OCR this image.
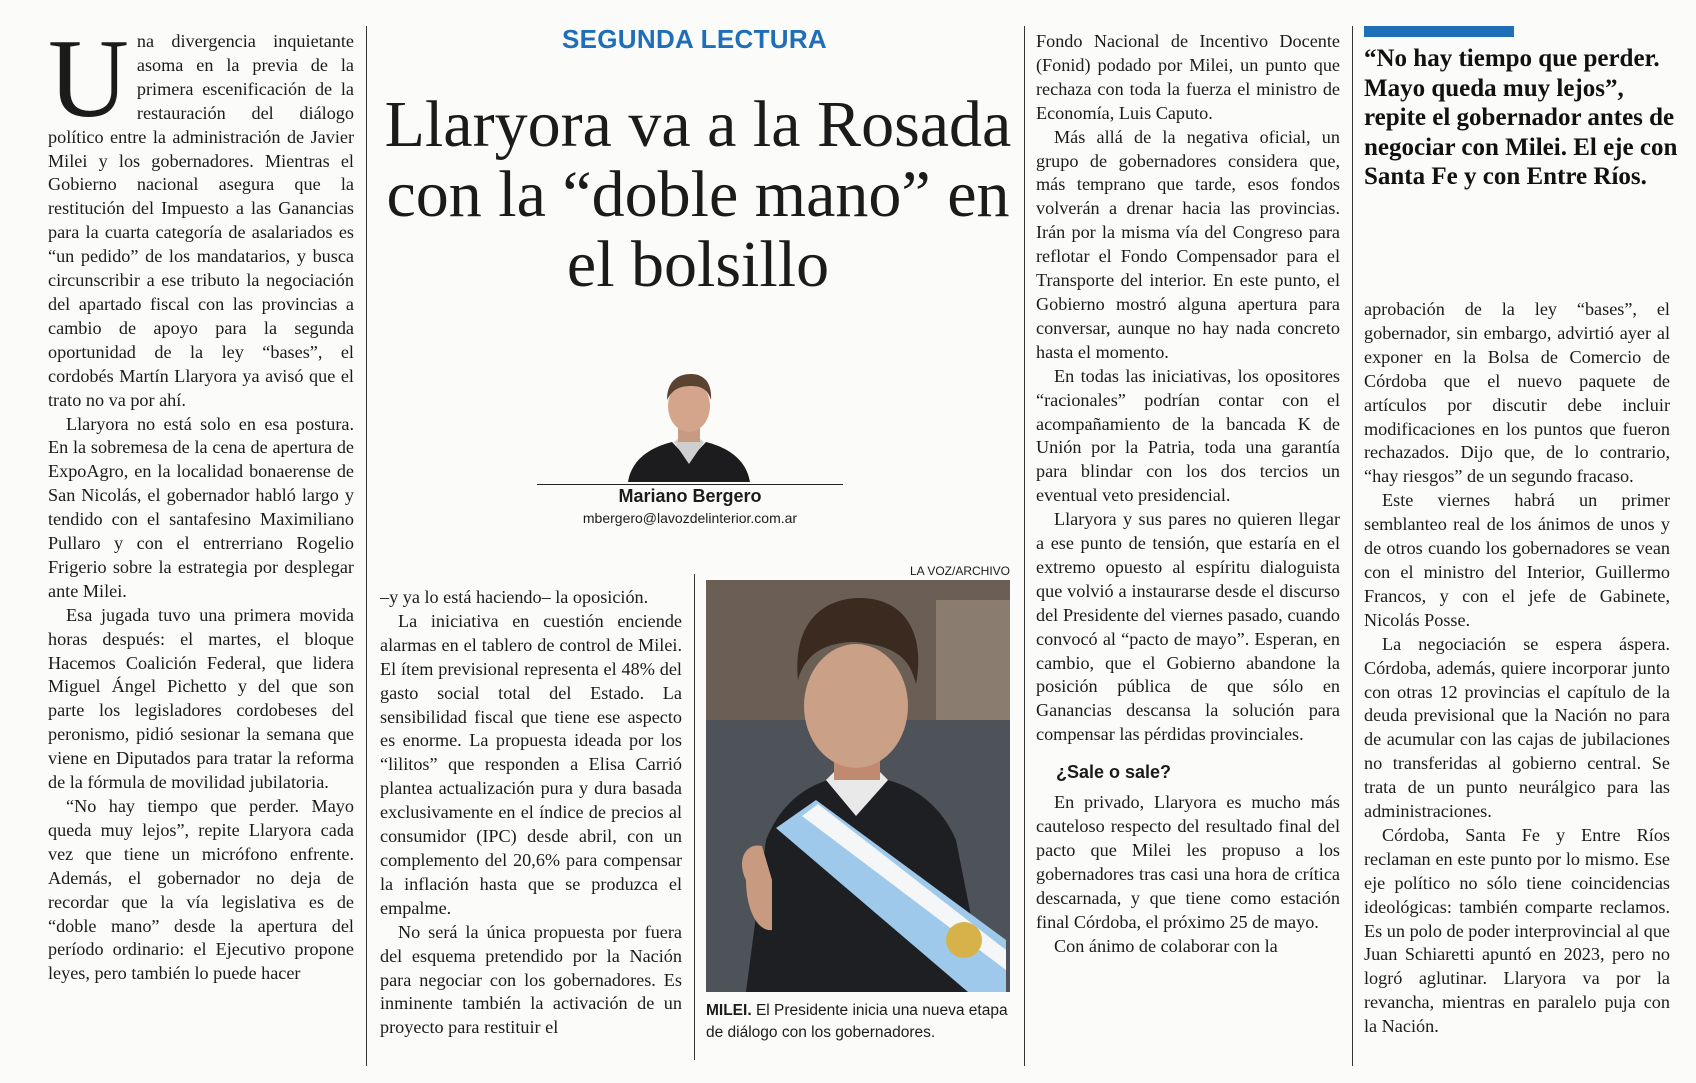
Una divergencia inquietante asoma en la previa de la primera escenificación de la restauración del diálogo político entre la administración de Javier Milei y los gobernadores. Mientras el Gobierno nacional asegura que la restitución del Impuesto a las Ganancias para la cuarta categoría de asalariados es “un pedido” de los mandatarios, y busca circunscribir a ese tributo la negociación del apartado fiscal con las provincias a cambio de apoyo para la segunda oportunidad de la ley “bases”, el cordobés Martín Llaryora ya avisó que el trato no va por ahí.

Llaryora no está solo en esa postura. En la sobremesa de la cena de apertura de ExpoAgro, en la localidad bonaerense de San Nicolás, el gobernador habló largo y tendido con el santafesino Maximiliano Pullaro y con el entrerriano Rogelio Frigerio sobre la estrategia por desplegar ante Milei.

Esa jugada tuvo una primera movida horas después: el martes, el bloque Hacemos Coalición Federal, que lidera Miguel Ángel Pichetto y del que son parte los legisladores cordobeses del peronismo, pidió sesionar la semana que viene en Diputados para tratar la reforma de la fórmula de movilidad jubilatoria.

“No hay tiempo que perder. Mayo queda muy lejos”, repite Llaryora cada vez que tiene un micrófono enfrente. Además, el gobernador no deja de recordar que la vía legislativa es de “doble mano” desde la apertura del período ordinario: el Ejecutivo propone leyes, pero también lo puede hacer

SEGUNDA LECTURA
Llaryora va a la Rosada con la “doble mano” en el bolsillo
Mariano Bergero
mbergero@lavozdelinterior.com.ar

–y ya lo está haciendo– la oposición.

La iniciativa en cuestión enciende alarmas en el tablero de control de Milei. El ítem previsional representa el 48% del gasto social total del Estado. La sensibilidad fiscal que tiene ese aspecto es enorme. La propuesta ideada por los “lilitos” que responden a Elisa Carrió plantea actualización pura y dura basada exclusivamente en el índice de precios al consumidor (IPC) desde abril, con un complemento del 20,6% para compensar la inflación hasta que se produzca el empalme.

No será la única propuesta por fuera del esquema pretendido por la Nación para negociar con los gobernadores. Es inminente también la activación de un proyecto para restituir el

LA VOZ/ARCHIVO
MILEI. El Presidente inicia una nueva etapa de diálogo con los gobernadores.

Fondo Nacional de Incentivo Docente (Fonid) podado por Milei, un punto que rechaza con toda la fuerza el ministro de Economía, Luis Caputo.

Más allá de la negativa oficial, un grupo de gobernadores considera que, más temprano que tarde, esos fondos volverán a drenar hacia las provincias. Irán por la misma vía del Congreso para reflotar el Fondo Compensador para el Transporte del interior. En este punto, el Gobierno mostró alguna apertura para conversar, aunque no hay nada concreto hasta el momento.

En todas las iniciativas, los opositores “racionales” podrían contar con el acompañamiento de la bancada K de Unión por la Patria, toda una garantía para blindar con los dos tercios un eventual veto presidencial.

Llaryora y sus pares no quieren llegar a ese punto de tensión, que estaría en el extremo opuesto al espíritu dialoguista que volvió a instaurarse desde el discurso del Presidente del viernes pasado, cuando convocó al “pacto de mayo”. Esperan, en cambio, que el Gobierno abandone la posición pública de que sólo en Ganancias descansa la solución para compensar las pérdidas provinciales.

¿Sale o sale?

En privado, Llaryora es mucho más cauteloso respecto del resultado final del pacto que Milei les propuso a los gobernadores tras casi una hora de crítica descarnada, y que tiene como estación final Córdoba, el próximo 25 de mayo.

Con ánimo de colaborar con la

“No hay tiempo que perder. Mayo queda muy lejos”, repite el gobernador antes de negociar con Milei. El eje con Santa Fe y con Entre Ríos.

aprobación de la ley “bases”, el gobernador, sin embargo, advirtió ayer al exponer en la Bolsa de Comercio de Córdoba que el nuevo paquete de artículos por discutir debe incluir modificaciones en los puntos que fueron rechazados. Dijo que, de lo contrario, “hay riesgos” de un segundo fracaso.

Este viernes habrá un primer semblanteo real de los ánimos de unos y de otros cuando los gobernadores se vean con el ministro del Interior, Guillermo Francos, y con el jefe de Gabinete, Nicolás Posse.

La negociación se espera áspera. Córdoba, además, quiere incorporar junto con otras 12 provincias el capítulo de la deuda previsional que la Nación no para de acumular con las cajas de jubilaciones no transferidas al gobierno central. Se trata de un punto neurálgico para las administraciones.

Córdoba, Santa Fe y Entre Ríos reclaman en este punto por lo mismo. Ese eje político no sólo tiene coincidencias ideológicas: también comparte reclamos. Es un polo de poder interprovincial al que Juan Schiaretti apuntó en 2023, pero no logró aglutinar. Llaryora va por la revancha, mientras en paralelo puja con la Nación.
